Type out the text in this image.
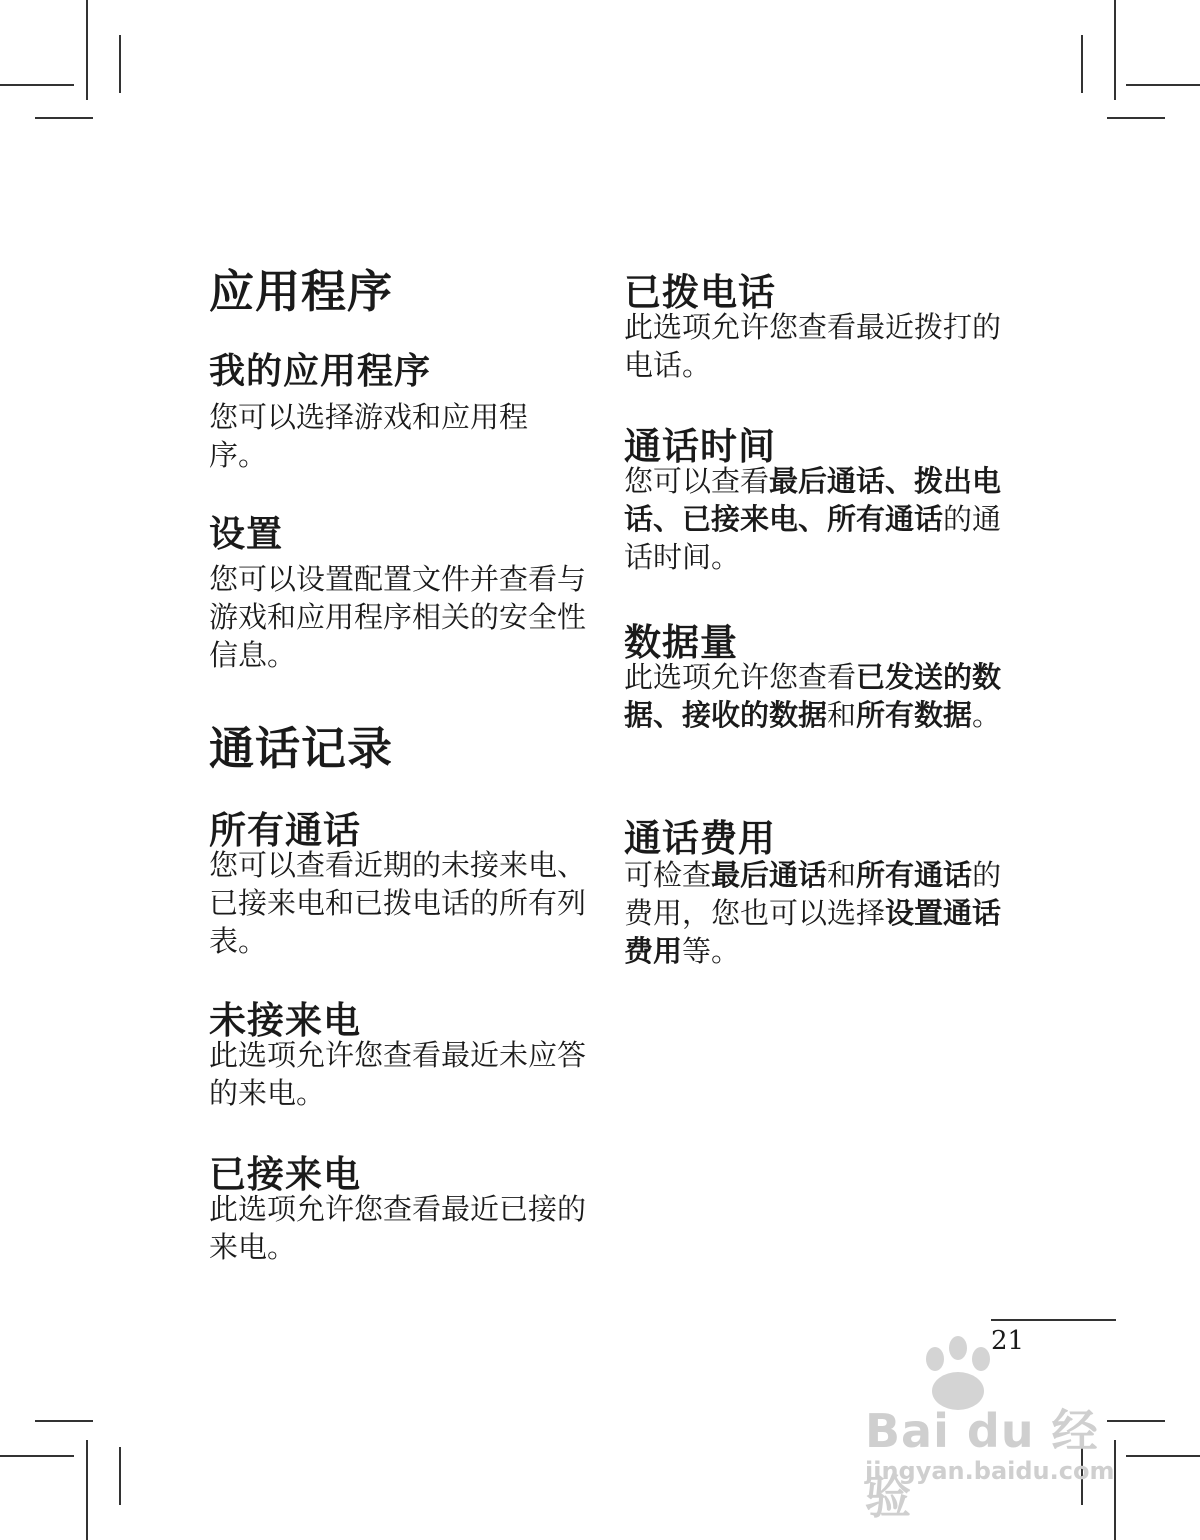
应用程序
我的应用程序
您可以选择游戏和应用程序。
设置
您可以设置配置文件并查看与游戏和应用程序相关的安全性信息。
通话记录
所有通话
您可以查看近期的未接来电、已接来电和已拨电话的所有列表。
未接来电
此选项允许您查看最近未应答的来电。
已接来电
此选项允许您查看最近已接的来电。
已拨电话
此选项允许您查看最近拨打的电话。
通话时间
您可以查看最后通话、拨出电话、已接来电、所有通话的通话时间。
数据量
此选项允许您查看已发送的数据、接收的数据和所有数据。
通话费用
可检查最后通话和所有通话的费用，您也可以选择设置通话费用等。
21
Bai du 经验
jingyan.baidu.com
